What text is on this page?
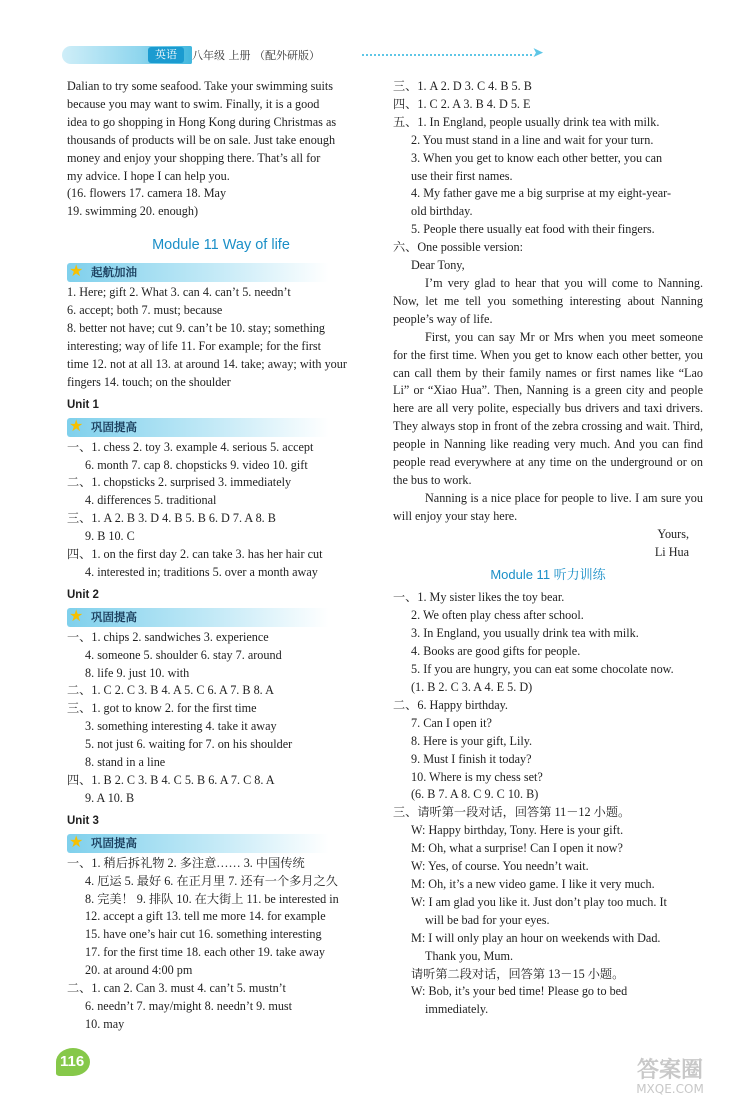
英语	八年级 上册 （配外研版）	➤

Dalian to try some seafood. Take your swimming suits

because you may want to swim. Finally, it is a good

idea to go shopping in Hong Kong during Christmas as

thousands of products will be on sale. Just take enough

money and enjoy your shopping there. That’s all for

my advice. I hope I can help you.

(16. flowers 17. camera 18. May

19. swimming 20. enough)

Module 11 Way of life

★ 起航加油

1. Here; gift 2. What 3. can 4. can’t 5. needn’t

6. accept; both 7. must; because

8. better not have; cut 9. can’t be 10. stay; something

interesting; way of life 11. For example; for the first

time 12. not at all 13. at around 14. take; away; with your

fingers 14. touch; on the shoulder

Unit 1

★ 巩固提高

一、1. chess 2. toy 3. example 4. serious 5. accept

6. month 7. cap 8. chopsticks 9. video 10. gift

二、1. chopsticks 2. surprised 3. immediately

4. differences 5. traditional

三、1. A 2. B 3. D 4. B 5. B 6. D 7. A 8. B

9. B 10. C

四、1. on the first day 2. can take 3. has her hair cut

4. interested in; traditions 5. over a month away

Unit 2

★ 巩固提高

一、1. chips 2. sandwiches 3. experience

4. someone 5. shoulder 6. stay 7. around

8. life 9. just 10. with

二、1. C 2. C 3. B 4. A 5. C 6. A 7. B 8. A

三、1. got to know 2. for the first time

3. something interesting 4. take it away

5. not just 6. waiting for 7. on his shoulder

8. stand in a line

四、1. B 2. C 3. B 4. C 5. B 6. A 7. C 8. A

9. A 10. B

Unit 3

★ 巩固提高

一、1. 稍后拆礼物 2. 多注意…… 3. 中国传统

4. 厄运 5. 最好 6. 在正月里 7. 还有一个多月之久

8. 完美！ 9. 排队 10. 在大街上 11. be interested in

12. accept a gift 13. tell me more 14. for example

15. have one’s hair cut 16. something interesting

17. for the first time 18. each other 19. take away

20. at around 4:00 pm

二、1. can 2. Can 3. must 4. can’t 5. mustn’t

6. needn’t 7. may/might 8. needn’t 9. must

10. may

三、1. A 2. D 3. C 4. B 5. B

四、1. C 2. A 3. B 4. D 5. E

五、1. In England, people usually drink tea with milk.

2. You must stand in a line and wait for your turn.

3. When you get to know each other better, you can

use their first names.

4. My father gave me a big surprise at my eight-year-

old birthday.

5. People there usually eat food with their fingers.

六、One possible version:

Dear Tony,

I’m very glad to hear that you will come to Nanning. Now, let me tell you something interesting about Nanning people’s way of life.

First, you can say Mr or Mrs when you meet someone for the first time. When you get to know each other better, you can call them by their family names or first names like “Lao Li” or “Xiao Hua”. Then, Nanning is a green city and people here are all very polite, especially bus drivers and taxi drivers. They always stop in front of the zebra crossing and wait. Third, people in Nanning like reading very much. And you can find people read everywhere at any time on the underground or on the bus to work.

Nanning is a nice place for people to live. I am sure you will enjoy your stay here.

Yours,

Li Hua

Module 11 听力训练

一、1. My sister likes the toy bear.

2. We often play chess after school.

3. In England, you usually drink tea with milk.

4. Books are good gifts for people.

5. If you are hungry, you can eat some chocolate now.

(1. B 2. C 3. A 4. E 5. D)

二、6. Happy birthday.

7. Can I open it?

8. Here is your gift, Lily.

9. Must I finish it today?

10. Where is my chess set?

(6. B 7. A 8. C 9. C 10. B)

三、请听第一段对话，回答第 11－12 小题。

W: Happy birthday, Tony. Here is your gift.

M: Oh, what a surprise! Can I open it now?

W: Yes, of course. You needn’t wait.

M: Oh, it’s a new video game. I like it very much.

W: I am glad you like it. Just don’t play too much. It

will be bad for your eyes.

M: I will only play an hour on weekends with Dad.

Thank you, Mum.

请听第二段对话，回答第 13－15 小题。

W: Bob, it’s your bed time! Please go to bed

immediately.

116	答案圈
MXQE.COM
